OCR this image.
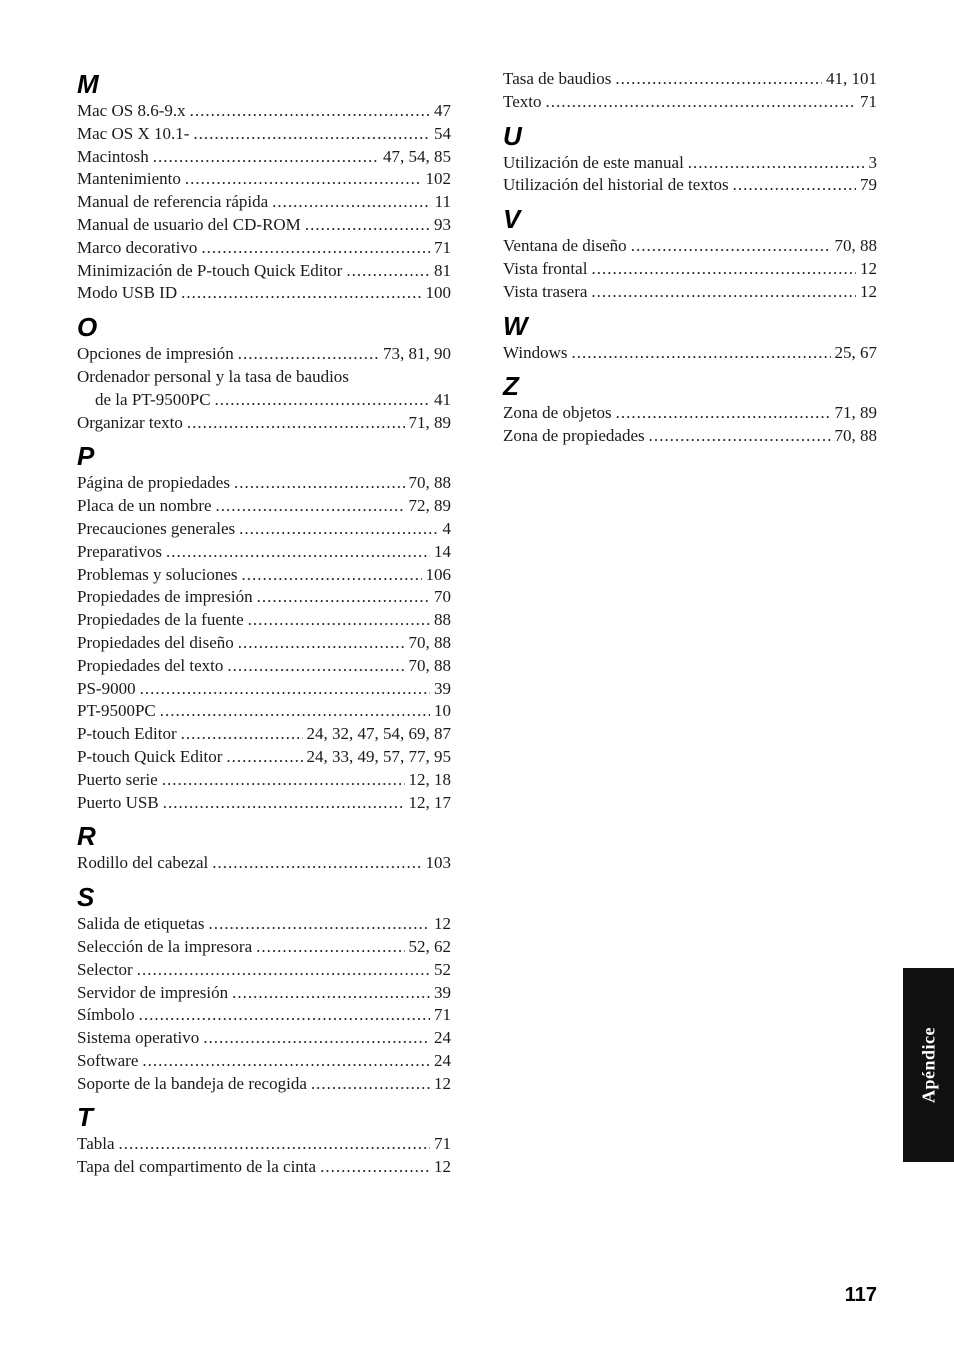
M
Mac OS 8.6-9.x .....	47
Mac OS X 10.1- .....	54
Macintosh .....	47, 54, 85
Mantenimiento .....	102
Manual de referencia rápida .....	11
Manual de usuario del CD-ROM .....	93
Marco decorativo .....	71
Minimización de P-touch Quick Editor .....	81
Modo USB ID .....	100
O
Opciones de impresión .....	73, 81, 90
Ordenador personal y la tasa de baudios
de la PT-9500PC .....	41
Organizar texto .....	71, 89
P
Página de propiedades .....	70, 88
Placa de un nombre .....	72, 89
Precauciones generales .....	4
Preparativos .....	14
Problemas y soluciones .....	106
Propiedades de impresión .....	70
Propiedades de la fuente .....	88
Propiedades del diseño .....	70, 88
Propiedades del texto .....	70, 88
PS-9000 .....	39
PT-9500PC .....	10
P-touch Editor .....	24, 32, 47, 54, 69, 87
P-touch Quick Editor .....	24, 33, 49, 57, 77, 95
Puerto serie .....	12, 18
Puerto USB .....	12, 17
R
Rodillo del cabezal .....	103
S
Salida de etiquetas .....	12
Selección de la impresora .....	52, 62
Selector .....	52
Servidor de impresión .....	39
Símbolo .....	71
Sistema operativo .....	24
Software .....	24
Soporte de la bandeja de recogida .....	12
T
Tabla .....	71
Tapa del compartimento de la cinta .....	12
Tasa de baudios .....	41, 101
Texto .....	71
U
Utilización de este manual .....	3
Utilización del historial de textos .....	79
V
Ventana de diseño .....	70, 88
Vista frontal .....	12
Vista trasera .....	12
W
Windows .....	25, 67
Z
Zona de objetos .....	71, 89
Zona de propiedades .....	70, 88
Apéndice
117
